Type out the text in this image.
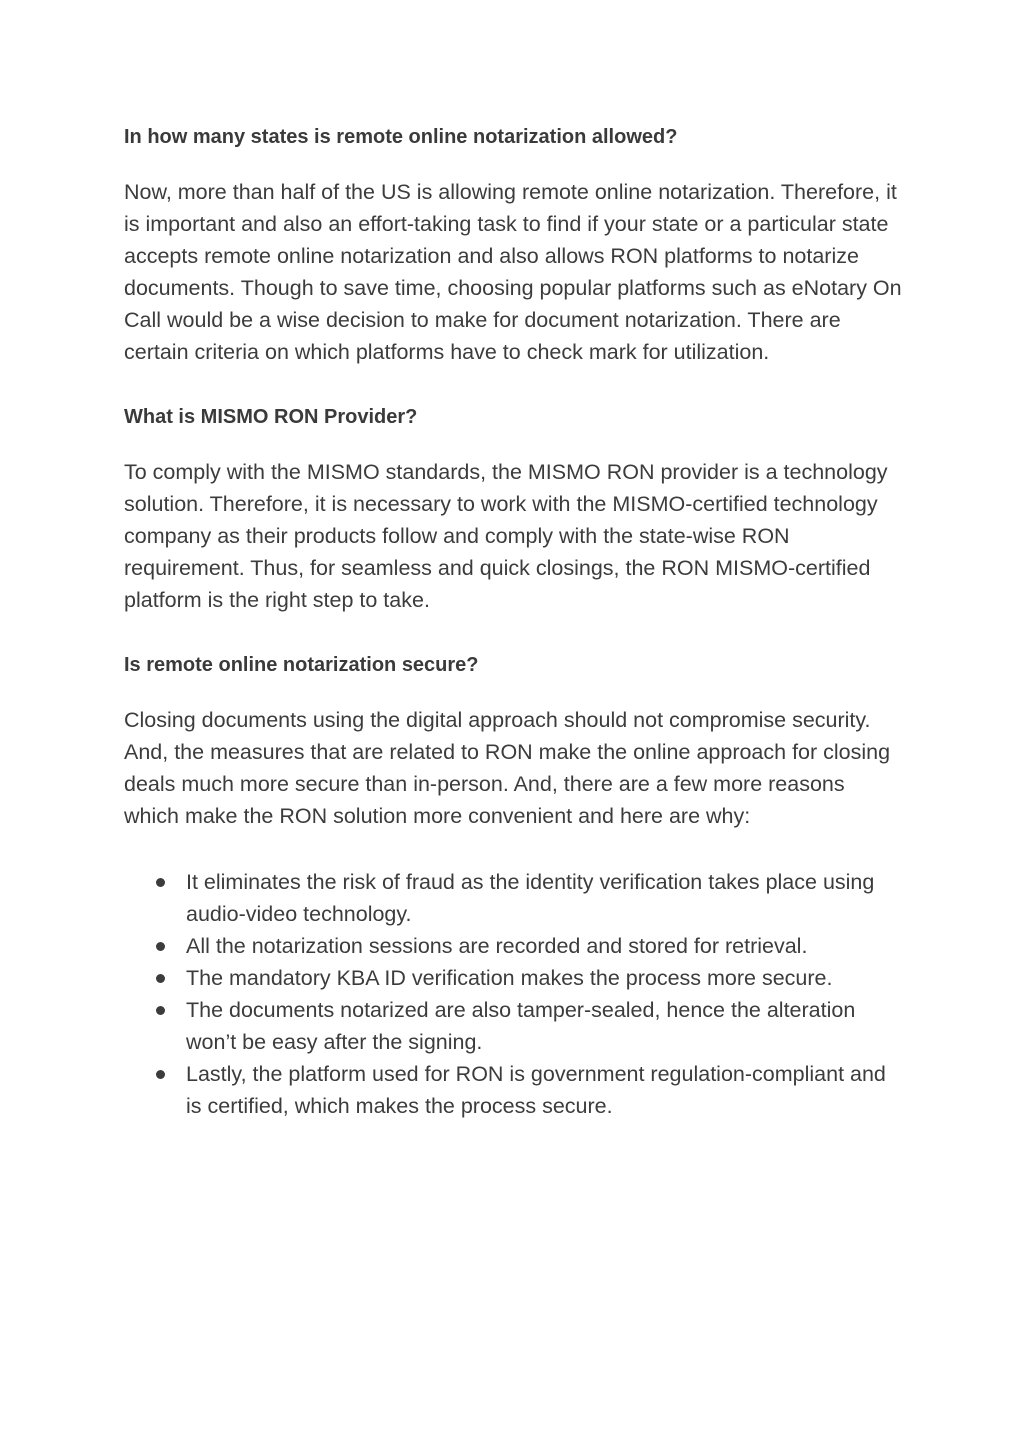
In how many states is remote online notarization allowed?

Now, more than half of the US is allowing remote online notarization. Therefore, it is important and also an effort-taking task to find if your state or a particular state accepts remote online notarization and also allows RON platforms to notarize documents. Though to save time, choosing popular platforms such as eNotary On Call would be a wise decision to make for document notarization. There are certain criteria on which platforms have to check mark for utilization.

What is MISMO RON Provider?

To comply with the MISMO standards, the MISMO RON provider is a technology solution. Therefore, it is necessary to work with the MISMO-certified technology company as their products follow and comply with the state-wise RON requirement. Thus, for seamless and quick closings, the RON MISMO-certified platform is the right step to take.

Is remote online notarization secure?

Closing documents using the digital approach should not compromise security. And, the measures that are related to RON make the online approach for closing deals much more secure than in-person. And, there are a few more reasons which make the RON solution more convenient and here are why:

It eliminates the risk of fraud as the identity verification takes place using audio-video technology.
All the notarization sessions are recorded and stored for retrieval.
The mandatory KBA ID verification makes the process more secure.
The documents notarized are also tamper-sealed, hence the alteration won’t be easy after the signing.
Lastly, the platform used for RON is government regulation-compliant and is certified, which makes the process secure.
